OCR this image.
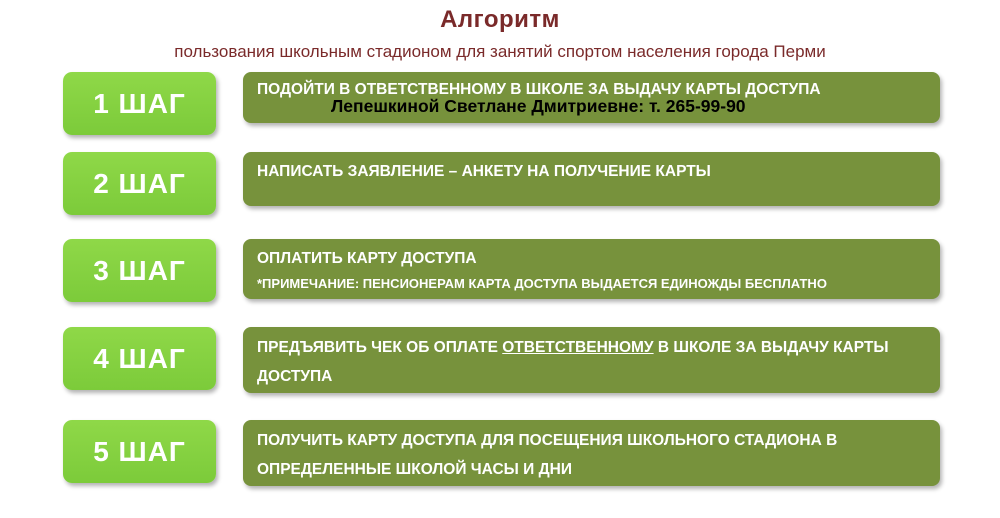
Алгоритм
пользования школьным стадионом для занятий спортом населения города Перми
1 ШАГ	ПОДОЙТИ В ОТВЕТСТВЕННОМУ В ШКОЛЕ ЗА ВЫДАЧУ КАРТЫ ДОСТУПА
Лепешкиной Светлане Дмитриевне: т. 265-99-90
2 ШАГ	НАПИСАТЬ ЗАЯВЛЕНИЕ – АНКЕТУ НА ПОЛУЧЕНИЕ КАРТЫ
3 ШАГ	ОПЛАТИТЬ КАРТУ ДОСТУПА
*ПРИМЕЧАНИЕ: ПЕНСИОНЕРАМ КАРТА ДОСТУПА ВЫДАЕТСЯ ЕДИНОЖДЫ БЕСПЛАТНО
4 ШАГ	ПРЕДЪЯВИТЬ ЧЕК ОБ ОПЛАТЕ ОТВЕТСТВЕННОМУ В ШКОЛЕ ЗА ВЫДАЧУ КАРТЫ ДОСТУПА
5 ШАГ	ПОЛУЧИТЬ КАРТУ ДОСТУПА ДЛЯ ПОСЕЩЕНИЯ ШКОЛЬНОГО СТАДИОНА В ОПРЕДЕЛЕННЫЕ ШКОЛОЙ ЧАСЫ И ДНИ
